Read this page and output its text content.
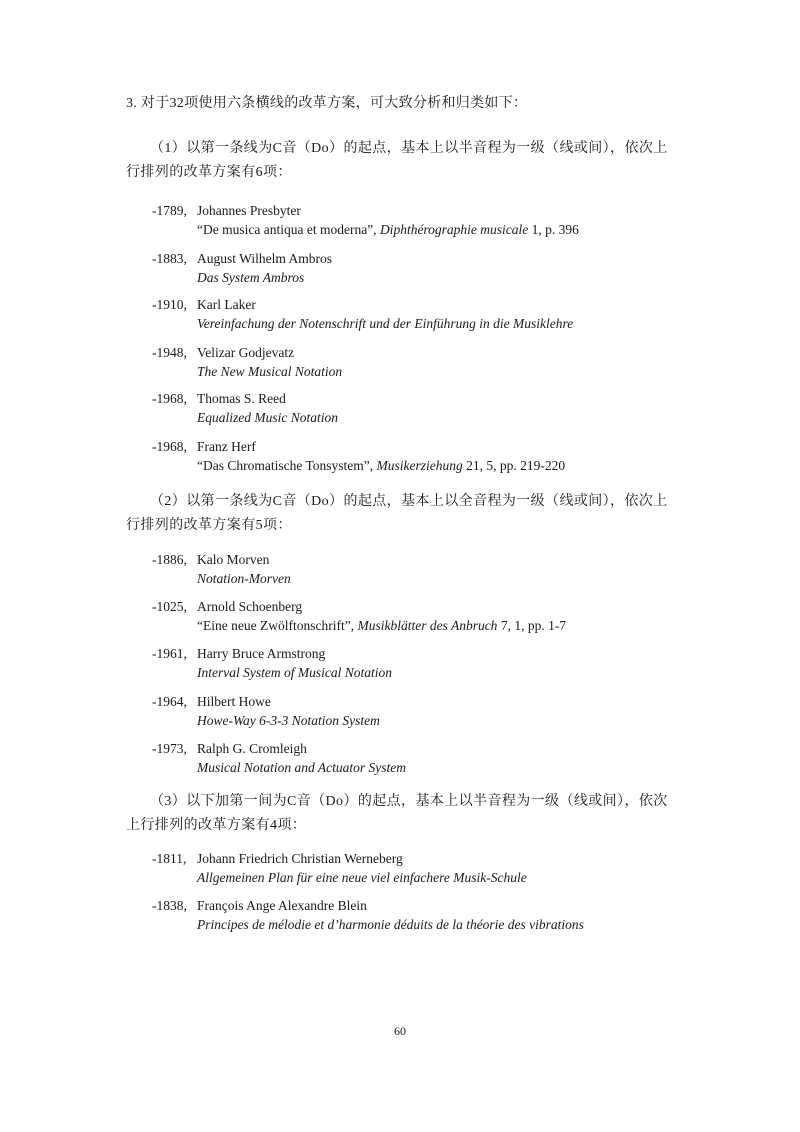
3. 对于32项使用六条横线的改革方案，可大致分析和归类如下：
（1）以第一条线为C音（Do）的起点，基本上以半音程为一级（线或间），依次上行排列的改革方案有6项：
-1789, Johannes Presbyter
“De musica antiqua et moderna”, Diphthérographie musicale 1, p. 396
-1883, August Wilhelm Ambros
Das System Ambros
-1910, Karl Laker
Vereinfachung der Notenschrift und der Einführung in die Musiklehre
-1948, Velizar Godjevatz
The New Musical Notation
-1968, Thomas S. Reed
Equalized Music Notation
-1968, Franz Herf
“Das Chromatische Tonsystem”, Musikerziehung 21, 5, pp. 219-220
（2）以第一条线为C音（Do）的起点，基本上以全音程为一级（线或间），依次上行排列的改革方案有5项：
-1886, Kalo Morven
Notation-Morven
-1025, Arnold Schoenberg
“Eine neue Zwölftonschrift”, Musikblätter des Anbruch 7, 1, pp. 1-7
-1961, Harry Bruce Armstrong
Interval System of Musical Notation
-1964, Hilbert Howe
Howe-Way 6-3-3 Notation System
-1973, Ralph G. Cromleigh
Musical Notation and Actuator System
（3）以下加第一间为C音（Do）的起点，基本上以半音程为一级（线或间），依次上行排列的改革方案有4项：
-1811, Johann Friedrich Christian Werneberg
Allgemeinen Plan für eine neue viel einfachere Musik-Schule
-1838, François Ange Alexandre Blein
Principes de mélodie et d’harmonie déduits de la théorie des vibrations
60
